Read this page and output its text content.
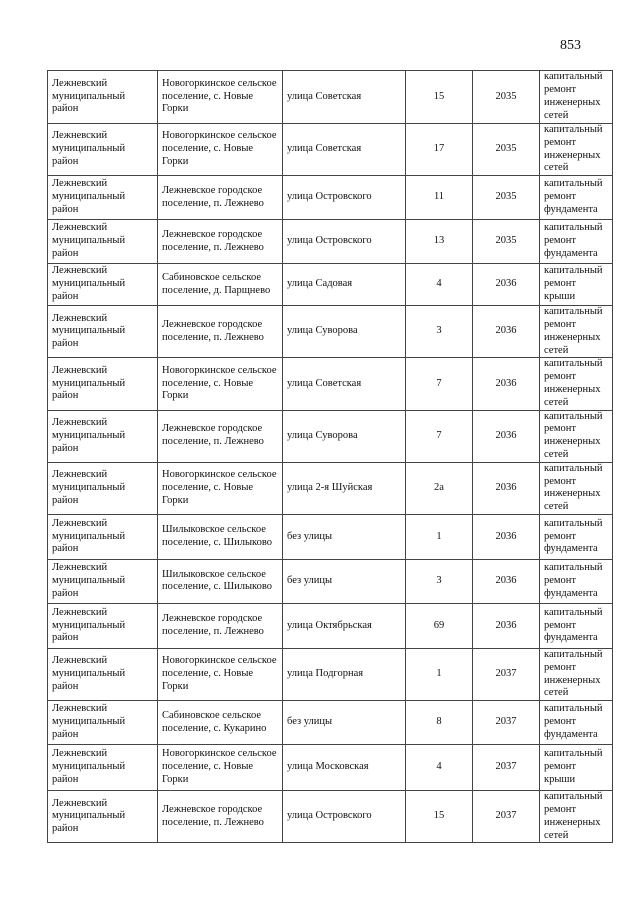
853
Лежневский муниципальный район	Новогоркинское сельское поселение, с. Новые Горки	улица Советская	15	2035	капитальный ремонт инженерных сетей
Лежневский муниципальный район	Новогоркинское сельское поселение, с. Новые Горки	улица Советская	17	2035	капитальный ремонт инженерных сетей
Лежневский муниципальный район	Лежневское городское поселение, п. Лежнево	улица Островского	11	2035	капитальный ремонт фундамента
Лежневский муниципальный район	Лежневское городское поселение, п. Лежнево	улица Островского	13	2035	капитальный ремонт фундамента
Лежневский муниципальный район	Сабиновское сельское поселение, д. Парщнево	улица Садовая	4	2036	капитальный ремонт крыши
Лежневский муниципальный район	Лежневское городское поселение, п. Лежнево	улица Суворова	3	2036	капитальный ремонт инженерных сетей
Лежневский муниципальный район	Новогоркинское сельское поселение, с. Новые Горки	улица Советская	7	2036	капитальный ремонт инженерных сетей
Лежневский муниципальный район	Лежневское городское поселение, п. Лежнево	улица Суворова	7	2036	капитальный ремонт инженерных сетей
Лежневский муниципальный район	Новогоркинское сельское поселение, с. Новые Горки	улица 2-я Шуйская	2а	2036	капитальный ремонт инженерных сетей
Лежневский муниципальный район	Шилыковское сельское поселение, с. Шилыково	без улицы	1	2036	капитальный ремонт фундамента
Лежневский муниципальный район	Шилыковское сельское поселение, с. Шилыково	без улицы	3	2036	капитальный ремонт фундамента
Лежневский муниципальный район	Лежневское городское поселение, п. Лежнево	улица Октябрьская	69	2036	капитальный ремонт фундамента
Лежневский муниципальный район	Новогоркинское сельское поселение, с. Новые Горки	улица Подгорная	1	2037	капитальный ремонт инженерных сетей
Лежневский муниципальный район	Сабиновское сельское поселение, с. Кукарино	без улицы	8	2037	капитальный ремонт фундамента
Лежневский муниципальный район	Новогоркинское сельское поселение, с. Новые Горки	улица Московская	4	2037	капитальный ремонт крыши
Лежневский муниципальный район	Лежневское городское поселение, п. Лежнево	улица Островского	15	2037	капитальный ремонт инженерных сетей
